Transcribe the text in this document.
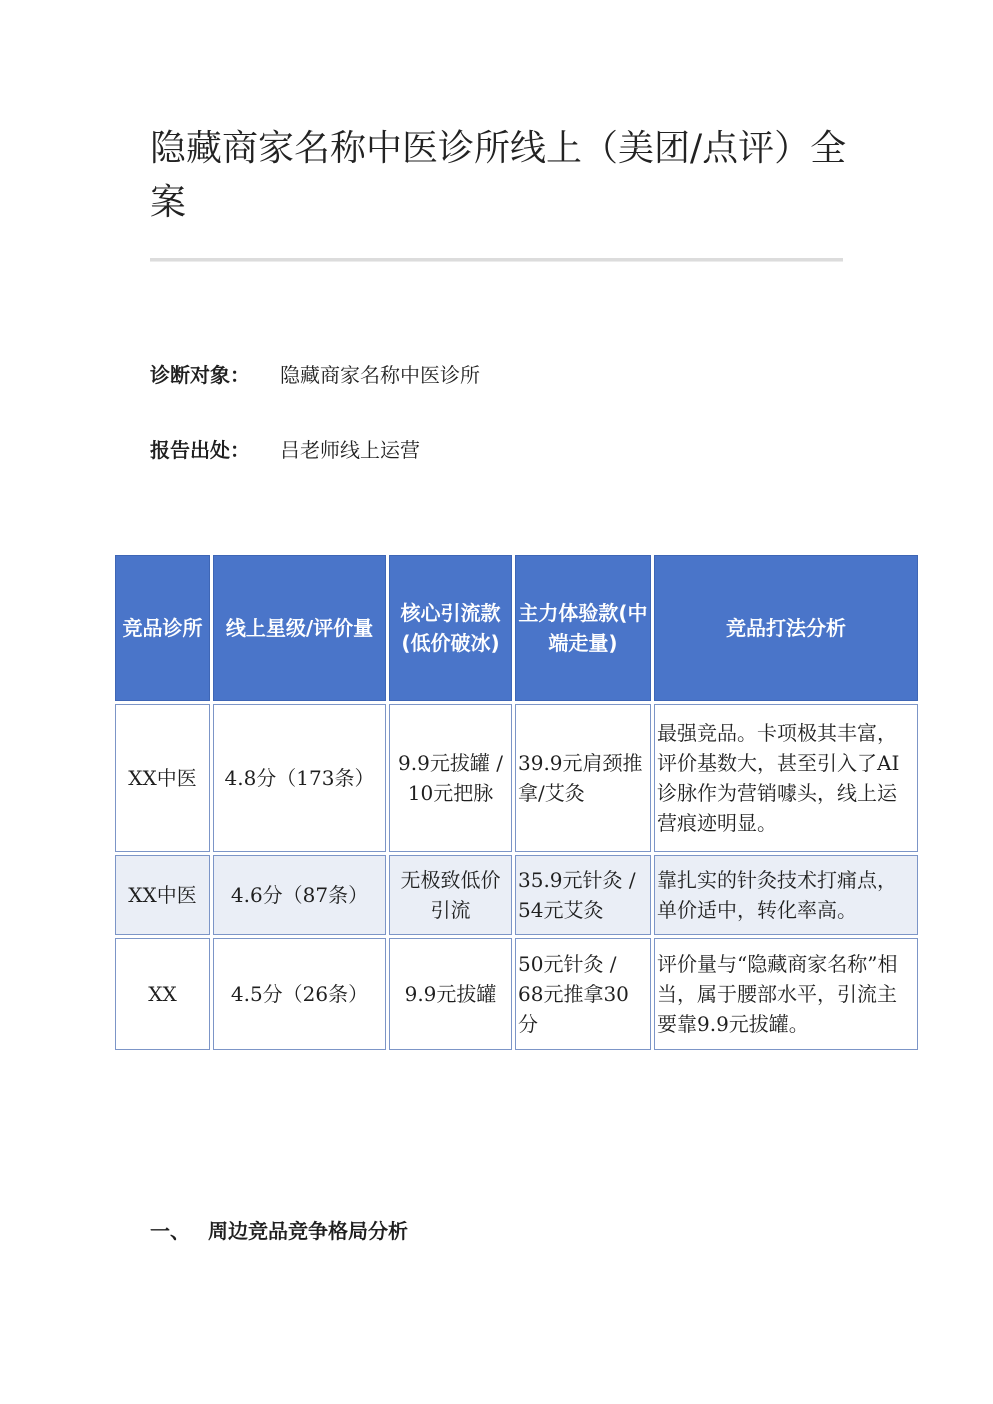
隐藏商家名称中医诊所线上（美团/点评）全案
诊断对象： 隐藏商家名称中医诊所
报告出处： 吕老师线上运营
竞品诊所	线上星级/评价量	核心引流款(低价破冰)	主力体验款(中端走量)	竞品打法分析
XX中医	4.8分（173条）	9.9元拔罐 / 10元把脉	39.9元肩颈推拿/艾灸	最强竞品。卡项极其丰富，评价基数大，甚至引入了AI诊脉作为营销噱头，线上运营痕迹明显。
XX中医	4.6分（87条）	无极致低价引流	35.9元针灸 / 54元艾灸	靠扎实的针灸技术打痛点，单价适中，转化率高。
XX	4.5分（26条）	9.9元拔罐	50元针灸 / 68元推拿30分	评价量与“隐藏商家名称”相当，属于腰部水平，引流主要靠9.9元拔罐。
一、 周边竞品竞争格局分析
